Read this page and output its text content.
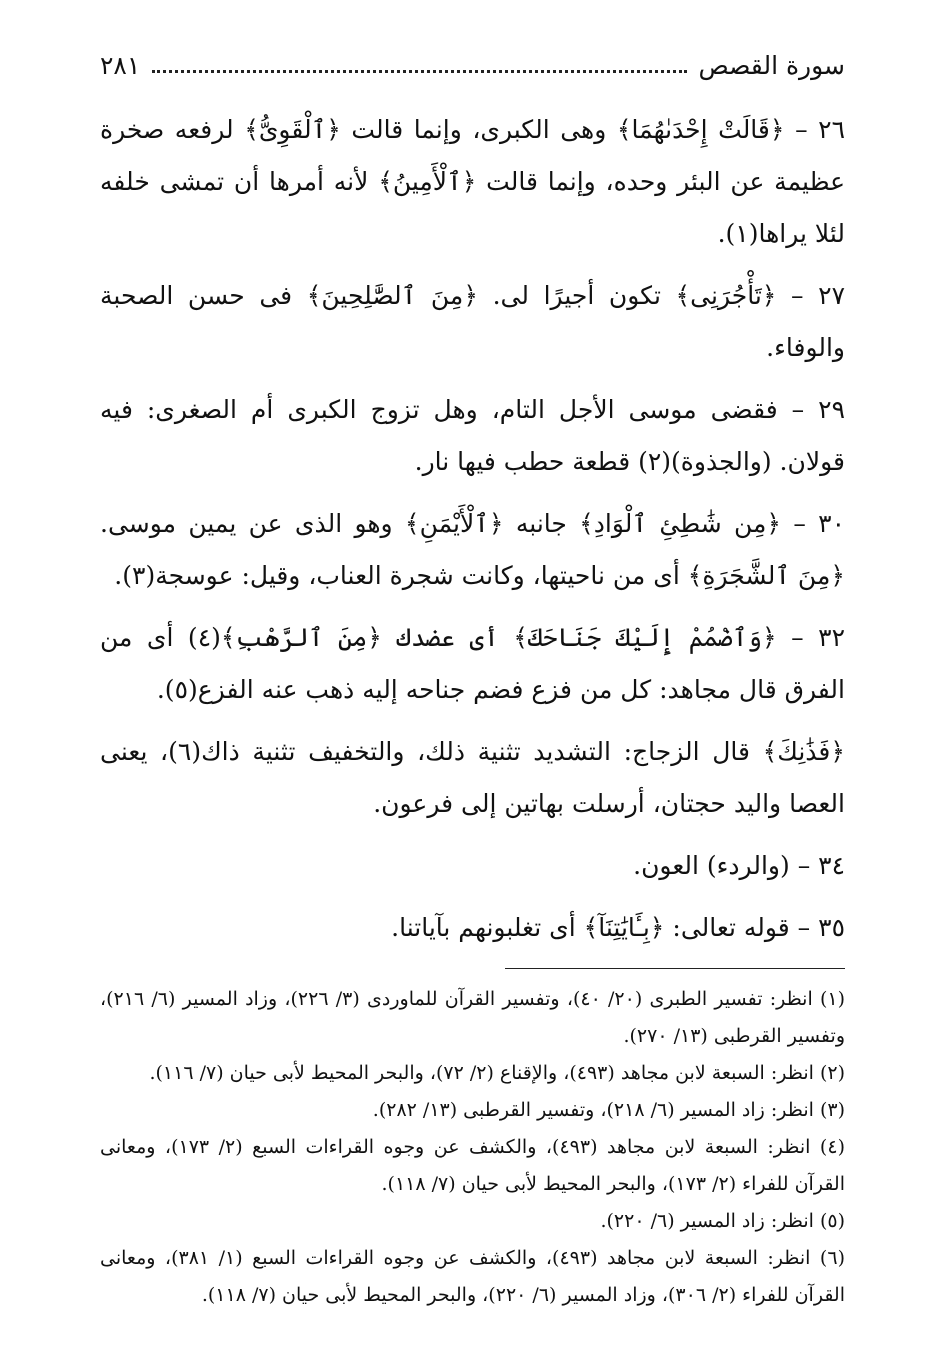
سورة القصص
٢٨١

٢٦ – ﴿قَالَتْ إِحْدَىٰهُمَا﴾ وهى الكبرى، وإنما قالت ﴿ٱلْقَوِىُّ﴾ لرفعه صخرة عظيمة عن البئر وحده، وإنما قالت ﴿ٱلْأَمِينُ﴾ لأنه أمرها أن تمشى خلفه لئلا يراها(١).

٢٧ – ﴿تَأْجُرَنِى﴾ تكون أجيرًا لى. ﴿مِنَ ٱلصَّٰلِحِينَ﴾ فى حسن الصحبة والوفاء.

٢٩ – فقضى موسى الأجل التام، وهل تزوج الكبرى أم الصغرى: فيه قولان. (والجذوة)(٢) قطعة حطب فيها نار.

٣٠ – ﴿مِن شَٰطِئِ ٱلْوَادِ﴾ جانبه ﴿ٱلْأَيْمَنِ﴾ وهو الذى عن يمين موسى. ﴿مِنَ ٱلشَّجَرَةِ﴾ أى من ناحيتها، وكانت شجرة العناب، وقيل: عوسجة(٣).

٣٢ – ﴿وَٱضْمُمْ إِلَيْكَ جَنَاحَكَ﴾ أى عضدك ﴿مِنَ ٱلرَّهْبِ﴾(٤) أى من الفرق قال مجاهد: كل من فزع فضم جناحه إليه ذهب عنه الفزع(٥).

﴿فَذَٰنِكَ﴾ قال الزجاج: التشديد تثنية ذلك، والتخفيف تثنية ذاك(٦)، يعنى العصا واليد حجتان، أرسلت بهاتين إلى فرعون.

٣٤ – (والردء) العون.

٣٥ – قوله تعالى: ﴿بِـَٔايَٰتِنَآ﴾ أى تغلبونهم بآياتنا.

(١) انظر: تفسير الطبرى (٢٠/ ٤٠)، وتفسير القرآن للماوردى (٣/ ٢٢٦)، وزاد المسير (٦/ ٢١٦)، وتفسير القرطبى (١٣/ ٢٧٠).

(٢) انظر: السبعة لابن مجاهد (٤٩٣)، والإقناع (٢/ ٧٢)، والبحر المحيط لأبى حيان (٧/ ١١٦).

(٣) انظر: زاد المسير (٦/ ٢١٨)، وتفسير القرطبى (١٣/ ٢٨٢).

(٤) انظر: السبعة لابن مجاهد (٤٩٣)، والكشف عن وجوه القراءات السبع (٢/ ١٧٣)، ومعانى القرآن للفراء (٢/ ١٧٣)، والبحر المحيط لأبى حيان (٧/ ١١٨).

(٥) انظر: زاد المسير (٦/ ٢٢٠).

(٦) انظر: السبعة لابن مجاهد (٤٩٣)، والكشف عن وجوه القراءات السبع (١/ ٣٨١)، ومعانى القرآن للفراء (٢/ ٣٠٦)، وزاد المسير (٦/ ٢٢٠)، والبحر المحيط لأبى حيان (٧/ ١١٨).
